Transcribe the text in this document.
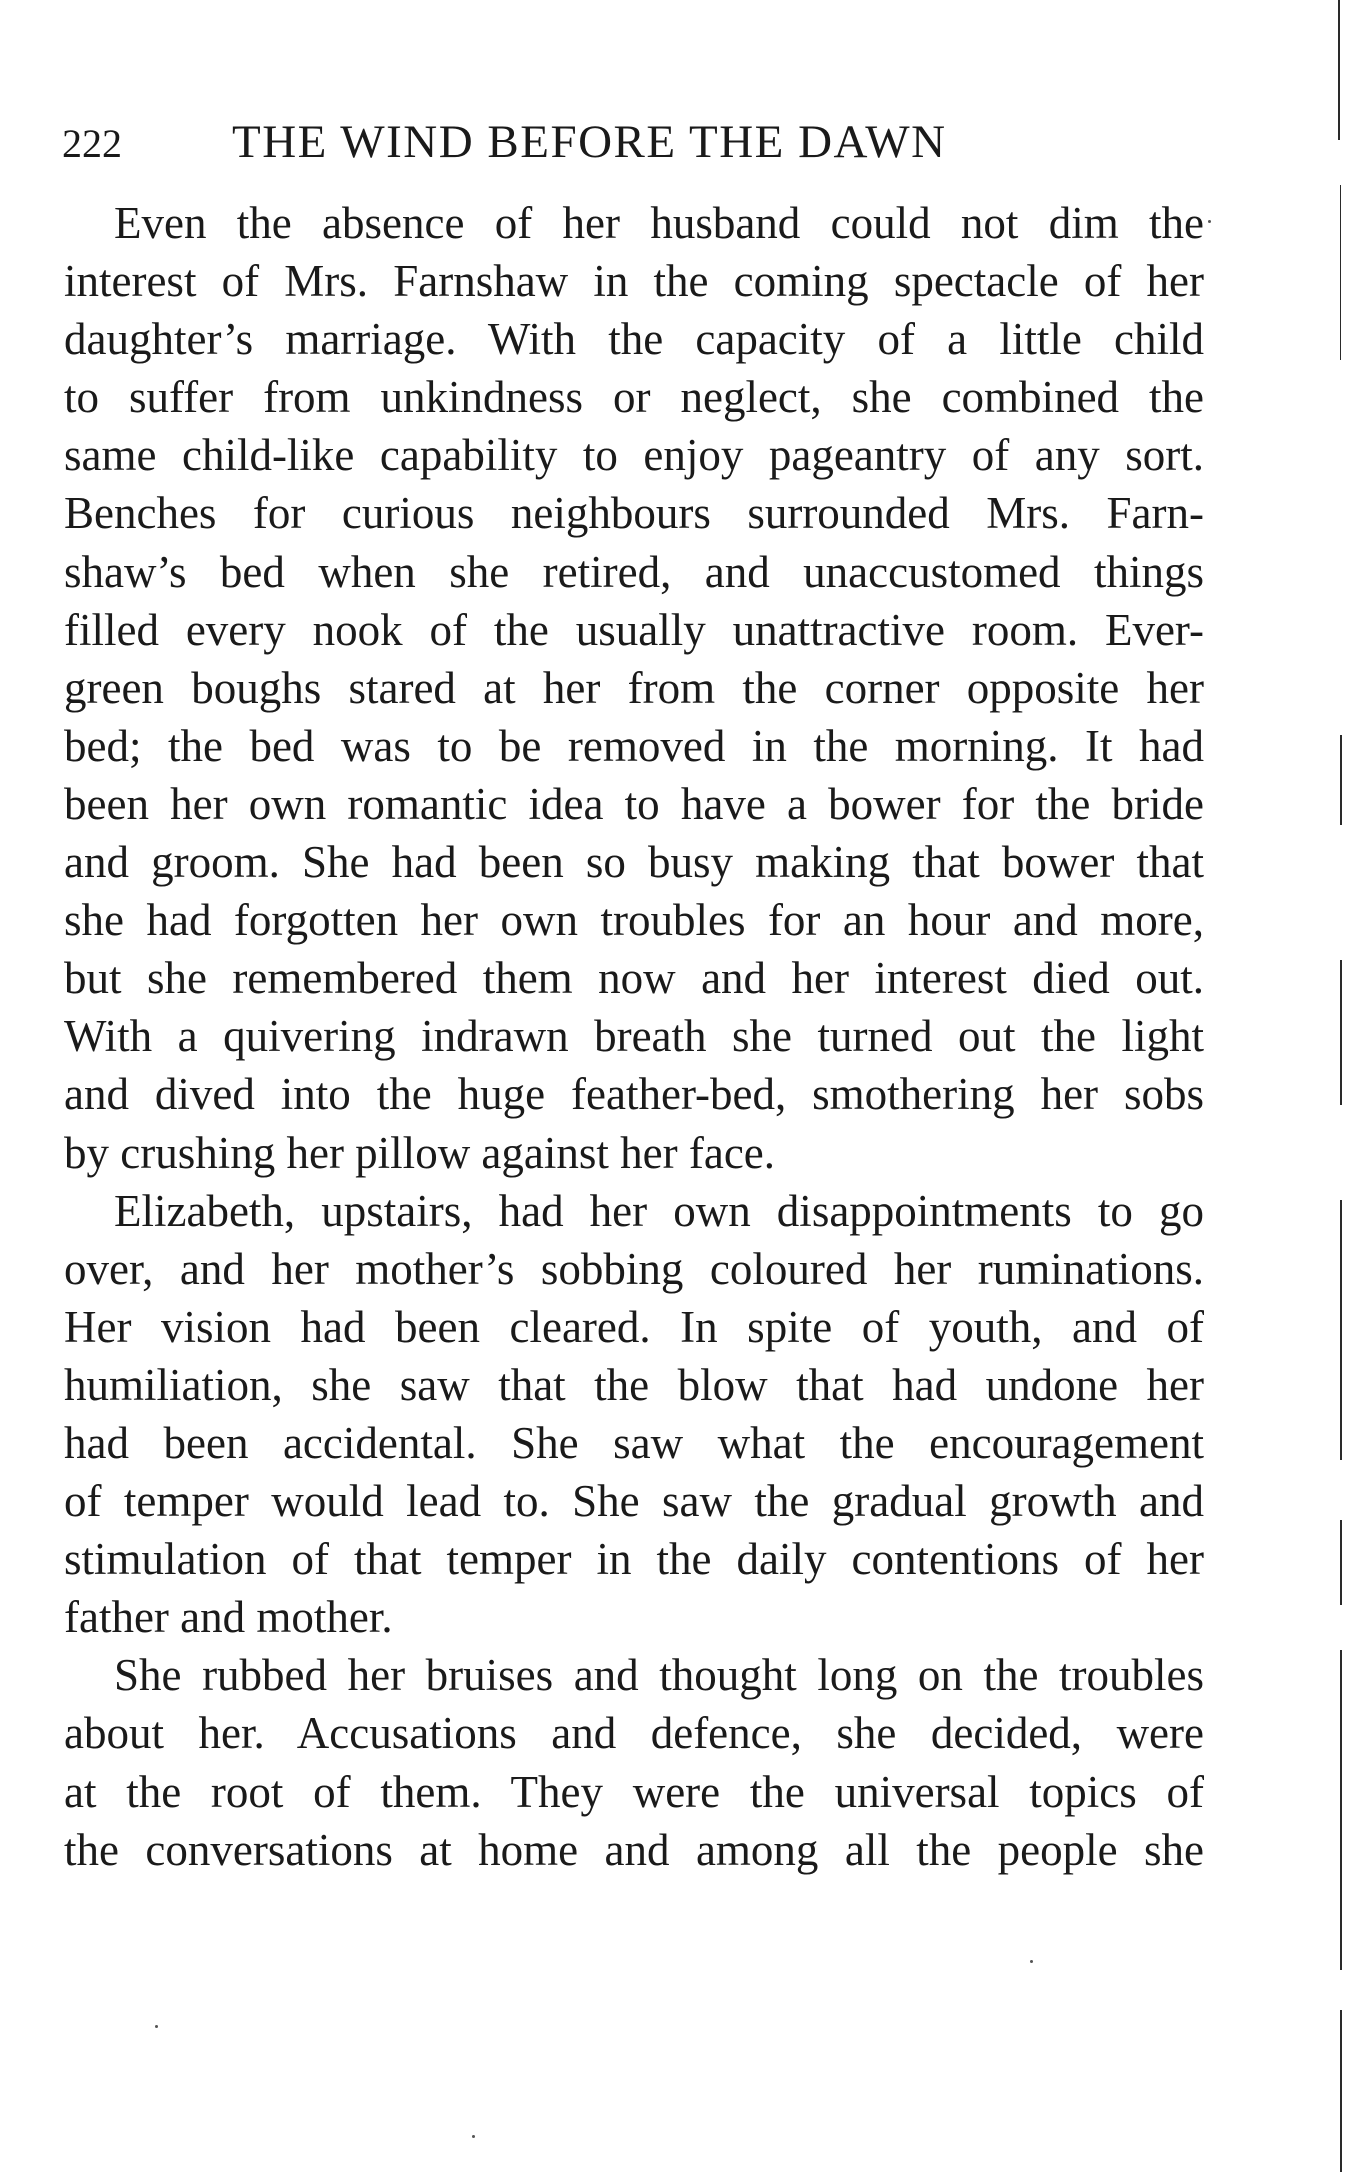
222 THE WIND BEFORE THE DAWN
Even the absence of her husband could not dim the
interest of Mrs. Farnshaw in the coming spectacle of her
daughter’s marriage. With the capacity of a little child
to suffer from unkindness or neglect, she combined the
same child-like capability to enjoy pageantry of any sort.
Benches for curious neighbours surrounded Mrs. Farn-
shaw’s bed when she retired, and unaccustomed things
filled every nook of the usually unattractive room. Ever-
green boughs stared at her from the corner opposite her
bed; the bed was to be removed in the morning. It had
been her own romantic idea to have a bower for the bride
and groom. She had been so busy making that bower that
she had forgotten her own troubles for an hour and more,
but she remembered them now and her interest died out.
With a quivering indrawn breath she turned out the light
and dived into the huge feather-bed, smothering her sobs
by crushing her pillow against her face.
Elizabeth, upstairs, had her own disappointments to go
over, and her mother’s sobbing coloured her ruminations.
Her vision had been cleared. In spite of youth, and of
humiliation, she saw that the blow that had undone her
had been accidental. She saw what the encouragement
of temper would lead to. She saw the gradual growth and
stimulation of that temper in the daily contentions of her
father and mother.
She rubbed her bruises and thought long on the troubles
about her. Accusations and defence, she decided, were
at the root of them. They were the universal topics of
the conversations at home and among all the people she
